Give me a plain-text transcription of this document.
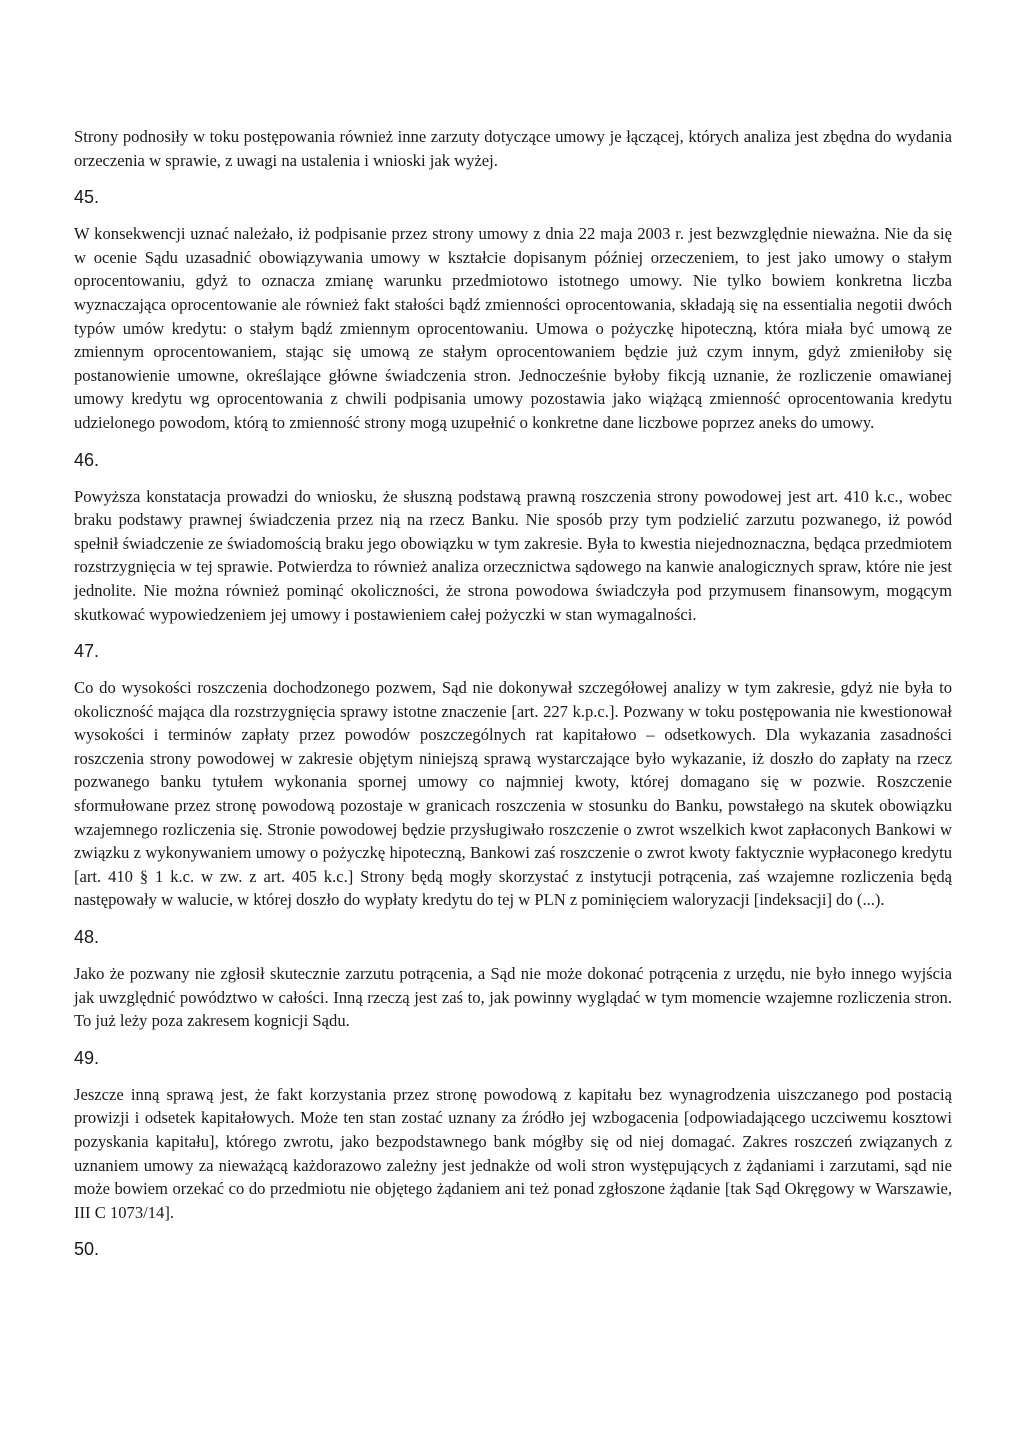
Strony podnosiły w toku postępowania również inne zarzuty dotyczące umowy je łączącej, których analiza jest zbędna do wydania orzeczenia w sprawie, z uwagi na ustalenia i wnioski jak wyżej.

45.

W konsekwencji uznać należało, iż podpisanie przez strony umowy z dnia 22 maja 2003 r. jest bezwzględnie nieważna. Nie da się w ocenie Sądu uzasadnić obowiązywania umowy w kształcie dopisanym później orzeczeniem, to jest jako umowy o stałym oprocentowaniu, gdyż to oznacza zmianę warunku przedmiotowo istotnego umowy. Nie tylko bowiem konkretna liczba wyznaczająca oprocentowanie ale również fakt stałości bądź zmienności oprocentowania, składają się na essentialia negotii dwóch typów umów kredytu: o stałym bądź zmiennym oprocentowaniu. Umowa o pożyczkę hipoteczną, która miała być umową ze zmiennym oprocentowaniem, stając się umową ze stałym oprocentowaniem będzie już czym innym, gdyż zmieniłoby się postanowienie umowne, określające główne świadczenia stron. Jednocześnie byłoby fikcją uznanie, że rozliczenie omawianej umowy kredytu wg oprocentowania z chwili podpisania umowy pozostawia jako wiążącą zmienność oprocentowania kredytu udzielonego powodom, którą to zmienność strony mogą uzupełnić o konkretne dane liczbowe poprzez aneks do umowy.

46.

Powyższa konstatacja prowadzi do wniosku, że słuszną podstawą prawną roszczenia strony powodowej jest art. 410 k.c., wobec braku podstawy prawnej świadczenia przez nią na rzecz Banku. Nie sposób przy tym podzielić zarzutu pozwanego, iż powód spełnił świadczenie ze świadomością braku jego obowiązku w tym zakresie. Była to kwestia niejednoznaczna, będąca przedmiotem rozstrzygnięcia w tej sprawie. Potwierdza to również analiza orzecznictwa sądowego na kanwie analogicznych spraw, które nie jest jednolite. Nie można również pominąć okoliczności, że strona powodowa świadczyła pod przymusem finansowym, mogącym skutkować wypowiedzeniem jej umowy i postawieniem całej pożyczki w stan wymagalności.

47.

Co do wysokości roszczenia dochodzonego pozwem, Sąd nie dokonywał szczegółowej analizy w tym zakresie, gdyż nie była to okoliczność mająca dla rozstrzygnięcia sprawy istotne znaczenie [art. 227 k.p.c.]. Pozwany w toku postępowania nie kwestionował wysokości i terminów zapłaty przez powodów poszczególnych rat kapitałowo – odsetkowych. Dla wykazania zasadności roszczenia strony powodowej w zakresie objętym niniejszą sprawą wystarczające było wykazanie, iż doszło do zapłaty na rzecz pozwanego banku tytułem wykonania spornej umowy co najmniej kwoty, której domagano się w pozwie. Roszczenie sformułowane przez stronę powodową pozostaje w granicach roszczenia w stosunku do Banku, powstałego na skutek obowiązku wzajemnego rozliczenia się. Stronie powodowej będzie przysługiwało roszczenie o zwrot wszelkich kwot zapłaconych Bankowi w związku z wykonywaniem umowy o pożyczkę hipoteczną, Bankowi zaś roszczenie o zwrot kwoty faktycznie wypłaconego kredytu [art. 410 § 1 k.c. w zw. z art. 405 k.c.] Strony będą mogły skorzystać z instytucji potrącenia, zaś wzajemne rozliczenia będą następowały w walucie, w której doszło do wypłaty kredytu do tej w PLN z pominięciem waloryzacji [indeksacji] do (...).

48.

Jako że pozwany nie zgłosił skutecznie zarzutu potrącenia, a Sąd nie może dokonać potrącenia z urzędu, nie było innego wyjścia jak uwzględnić powództwo w całości. Inną rzeczą jest zaś to, jak powinny wyglądać w tym momencie wzajemne rozliczenia stron. To już leży poza zakresem kognicji Sądu.

49.

Jeszcze inną sprawą jest, że fakt korzystania przez stronę powodową z kapitału bez wynagrodzenia uiszczanego pod postacią prowizji i odsetek kapitałowych. Może ten stan zostać uznany za źródło jej wzbogacenia [odpowiadającego uczciwemu kosztowi pozyskania kapitału], którego zwrotu, jako bezpodstawnego bank mógłby się od niej domagać. Zakres roszczeń związanych z uznaniem umowy za nieważącą każdorazowo zależny jest jednakże od woli stron występujących z żądaniami i zarzutami, sąd nie może bowiem orzekać co do przedmiotu nie objętego żądaniem ani też ponad zgłoszone żądanie [tak Sąd Okręgowy w Warszawie, III C 1073/14].

50.
